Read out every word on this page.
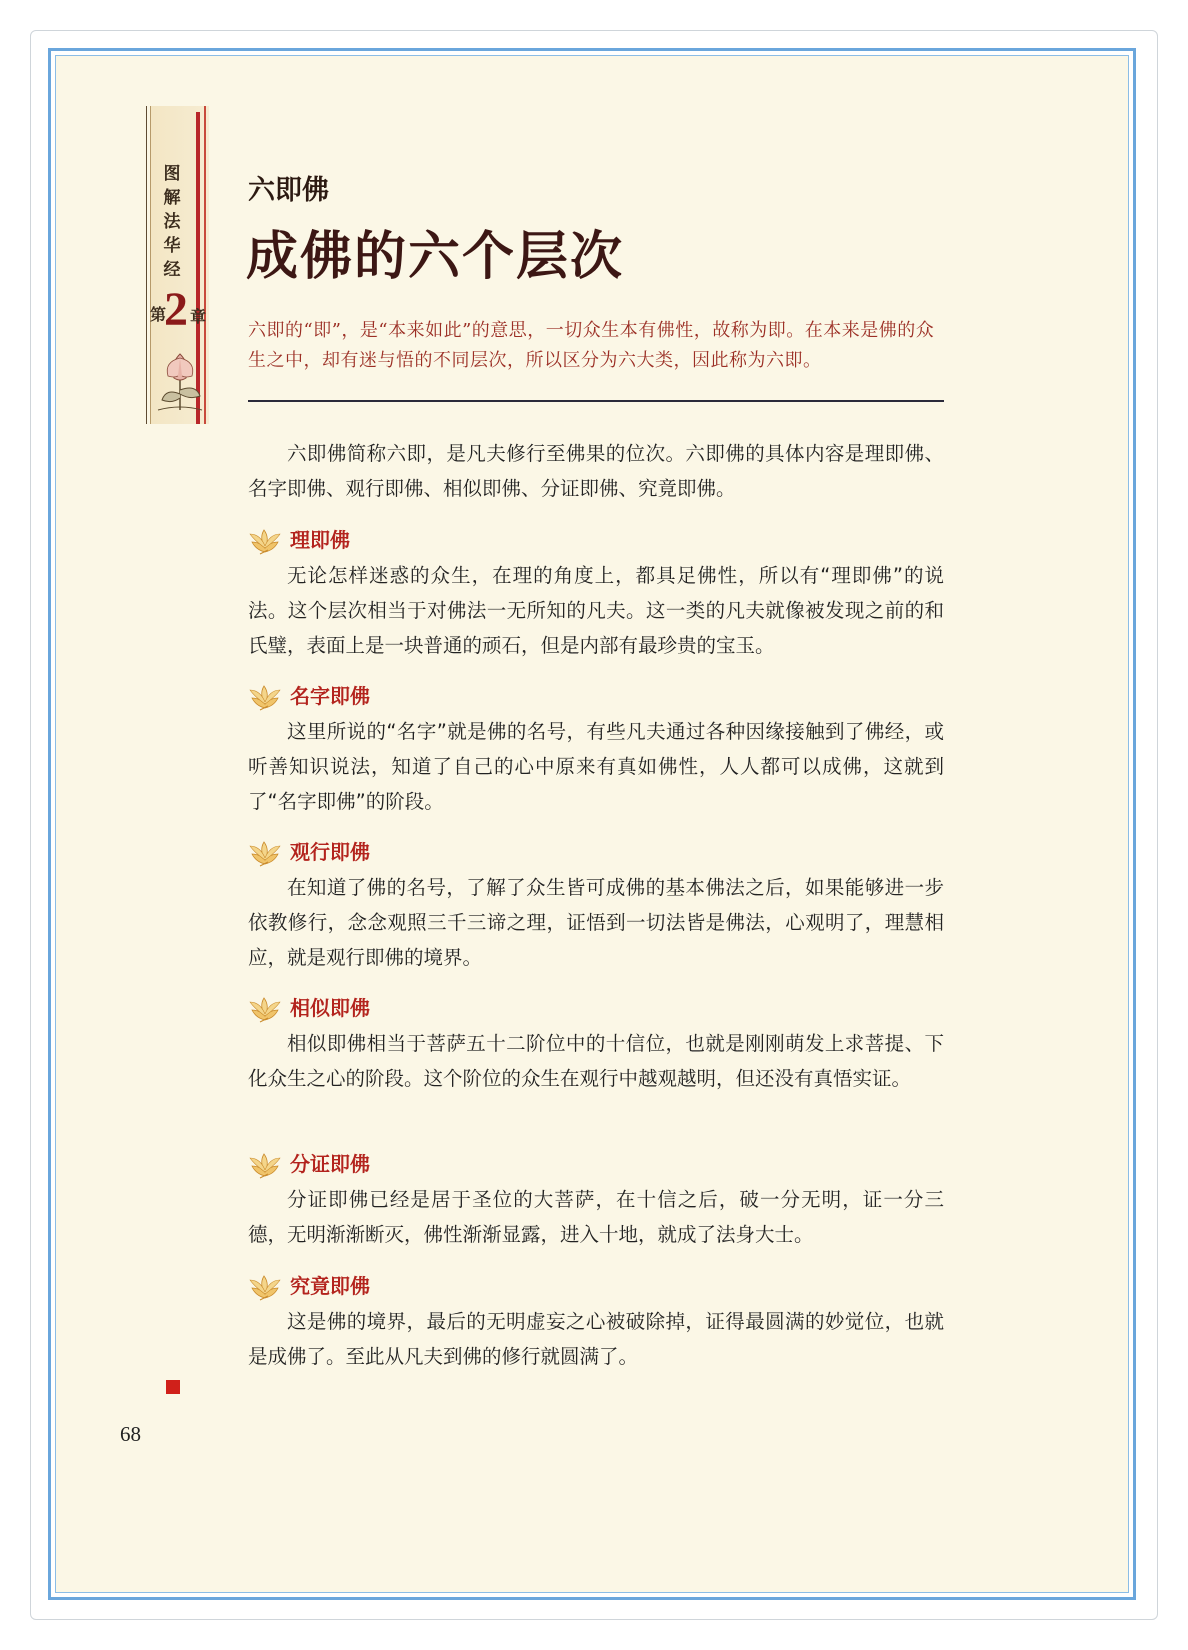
图解法华经
第
2 章
六即佛
成佛的六个层次
六即的“即”，是“本来如此”的意思，一切众生本有佛性，故称为即。在本来是佛的众生之中，却有迷与悟的不同层次，所以区分为六大类，因此称为六即。

六即佛简称六即，是凡夫修行至佛果的位次。六即佛的具体内容是理即佛、名字即佛、观行即佛、相似即佛、分证即佛、究竟即佛。

理即佛

无论怎样迷惑的众生，在理的角度上，都具足佛性，所以有“理即佛”的说法。这个层次相当于对佛法一无所知的凡夫。这一类的凡夫就像被发现之前的和氏璧，表面上是一块普通的顽石，但是内部有最珍贵的宝玉。

名字即佛

这里所说的“名字”就是佛的名号，有些凡夫通过各种因缘接触到了佛经，或听善知识说法，知道了自己的心中原来有真如佛性，人人都可以成佛，这就到了“名字即佛”的阶段。

观行即佛

在知道了佛的名号，了解了众生皆可成佛的基本佛法之后，如果能够进一步依教修行，念念观照三千三谛之理，证悟到一切法皆是佛法，心观明了，理慧相应，就是观行即佛的境界。

相似即佛

相似即佛相当于菩萨五十二阶位中的十信位，也就是刚刚萌发上求菩提、下化众生之心的阶段。这个阶位的众生在观行中越观越明，但还没有真悟实证。

分证即佛

分证即佛已经是居于圣位的大菩萨，在十信之后，破一分无明，证一分三德，无明渐渐断灭，佛性渐渐显露，进入十地，就成了法身大士。

究竟即佛

这是佛的境界，最后的无明虚妄之心被破除掉，证得最圆满的妙觉位，也就是成佛了。至此从凡夫到佛的修行就圆满了。

68
